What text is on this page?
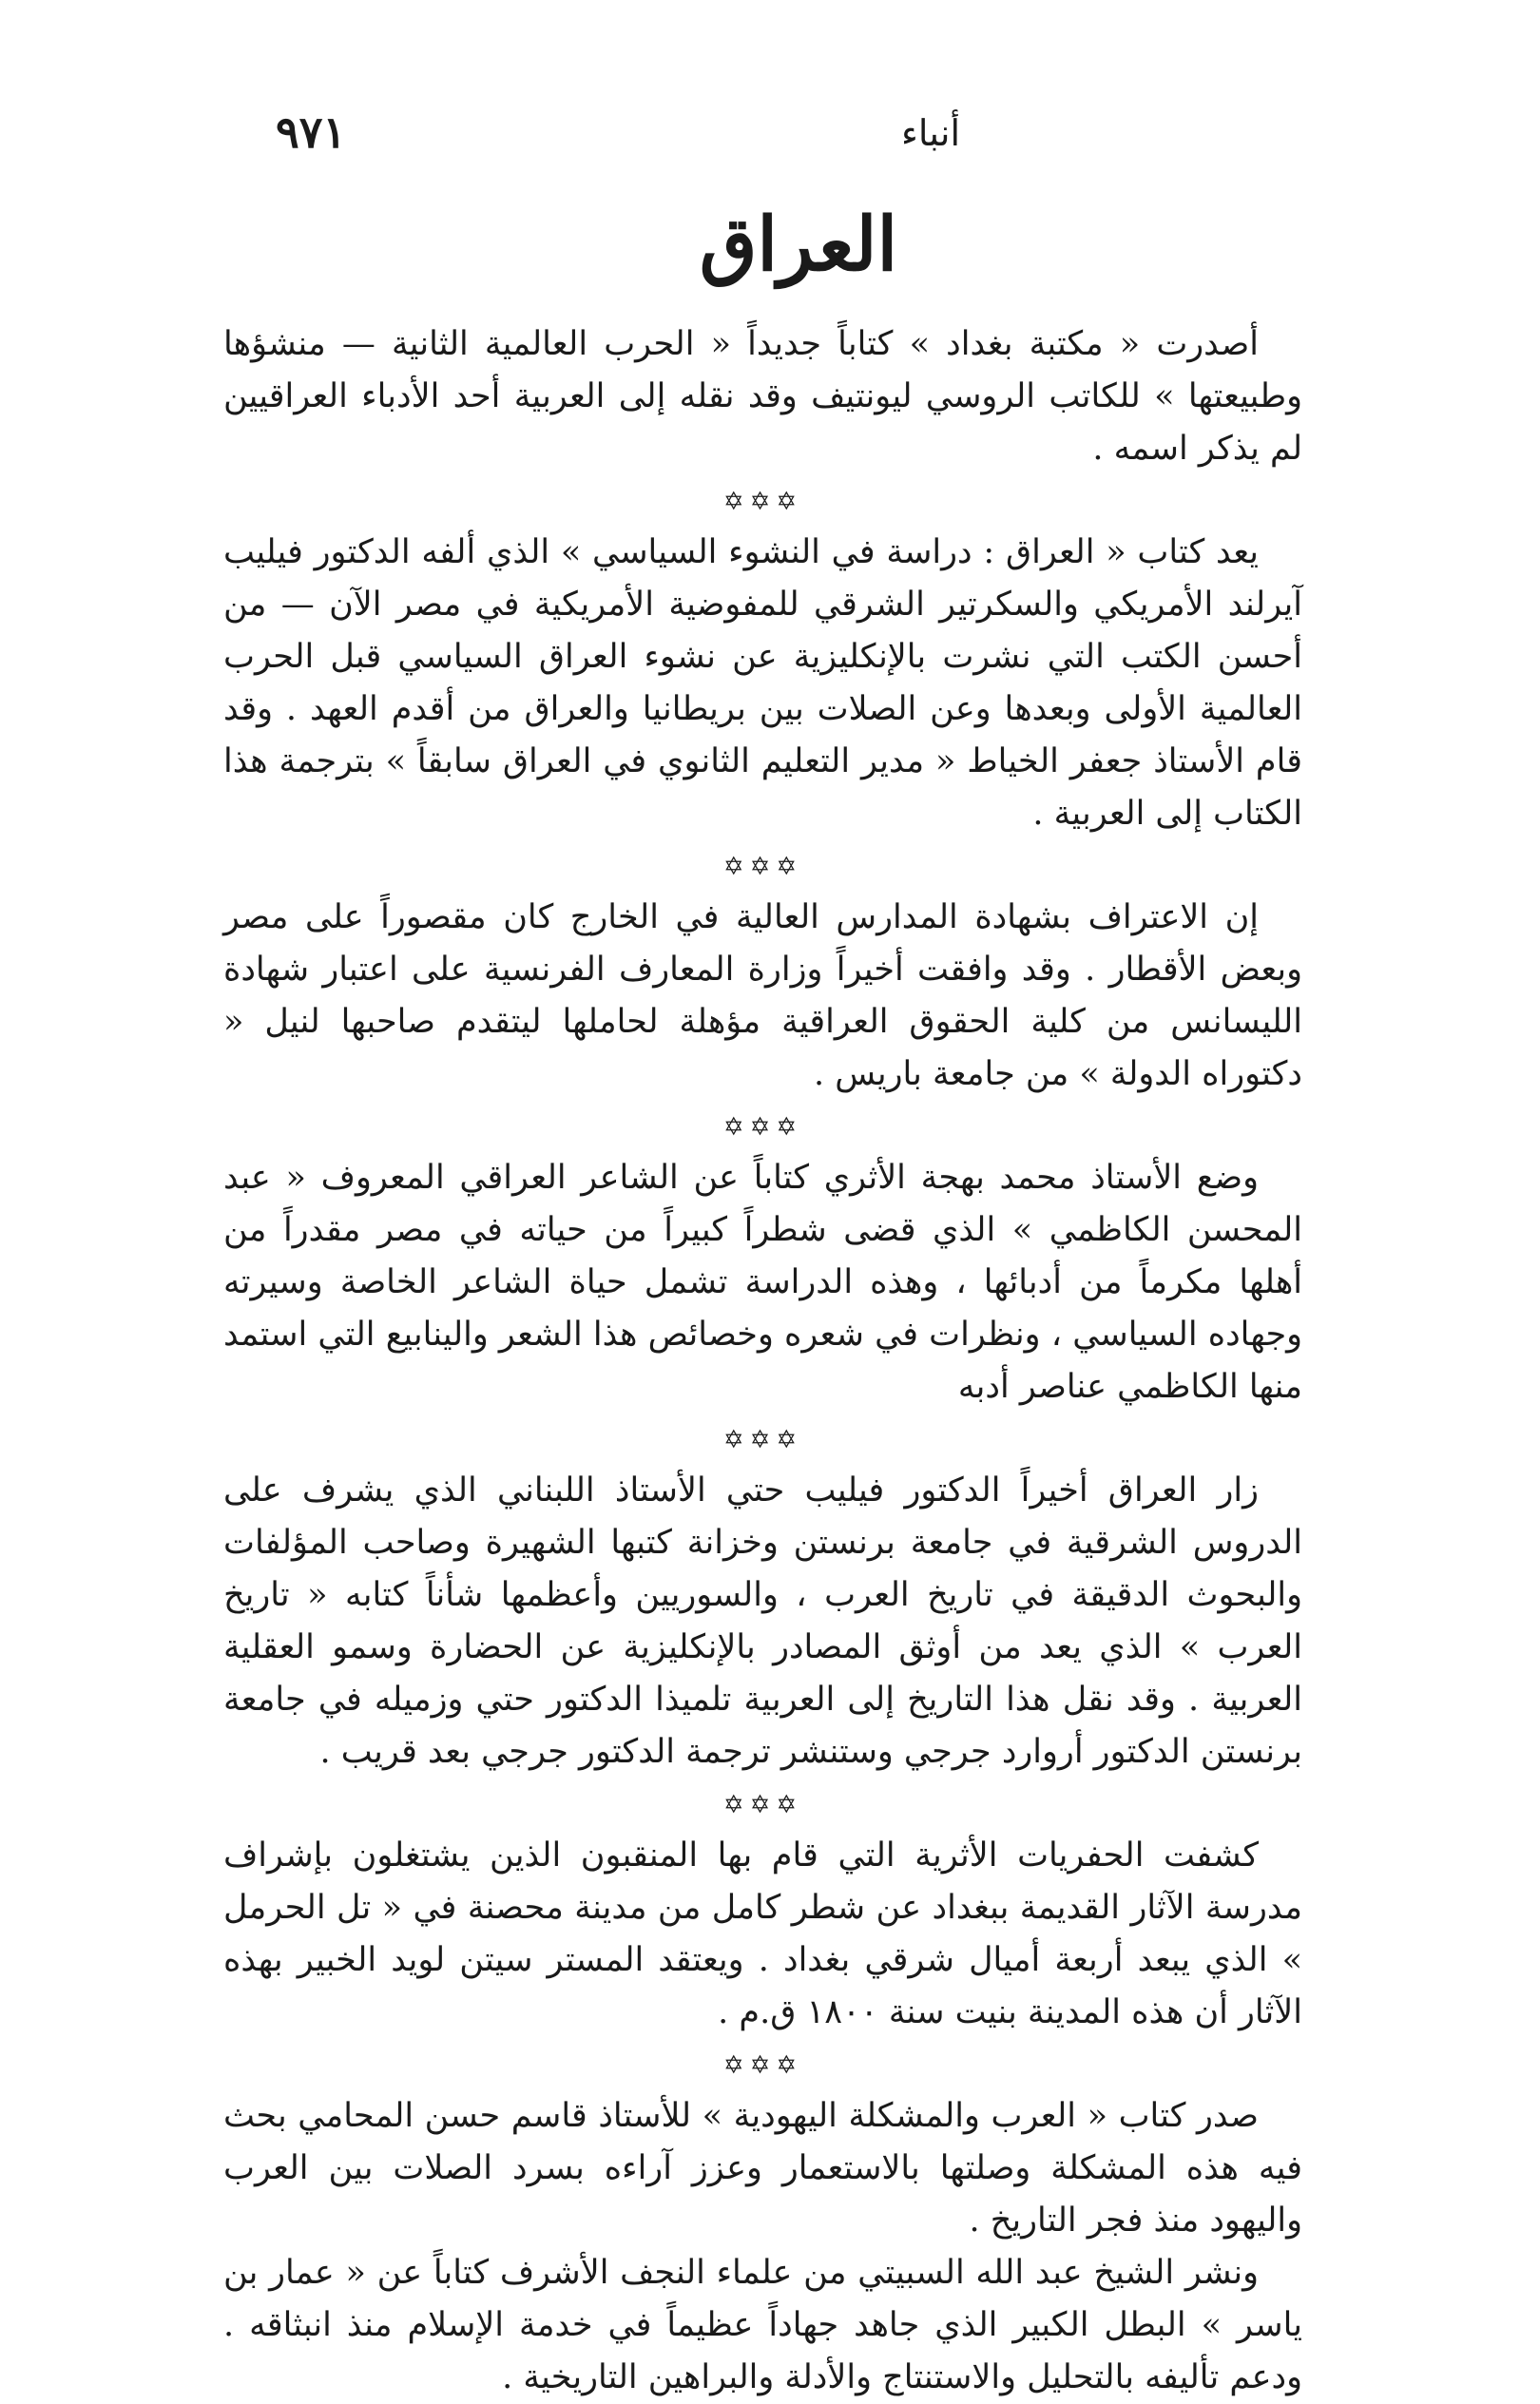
أنباء
٩٧١
العراق

أصدرت « مكتبة بغداد » كتاباً جديداً « الحرب العالمية الثانية — منشؤها وطبيعتها » للكاتب الروسي ليونتيف وقد نقله إلى العربية أحد الأدباء العراقيين لم يذكر اسمه .

✡✡✡

يعد كتاب « العراق : دراسة في النشوء السياسي » الذي ألفه الدكتور فيليب آيرلند الأمريكي والسكرتير الشرقي للمفوضية الأمريكية في مصر الآن — من أحسن الكتب التي نشرت بالإنكليزية عن نشوء العراق السياسي قبل الحرب العالمية الأولى وبعدها وعن الصلات بين بريطانيا والعراق من أقدم العهد . وقد قام الأستاذ جعفر الخياط « مدير التعليم الثانوي في العراق سابقاً » بترجمة هذا الكتاب إلى العربية .

✡✡✡

إن الاعتراف بشهادة المدارس العالية في الخارج كان مقصوراً على مصر وبعض الأقطار . وقد وافقت أخيراً وزارة المعارف الفرنسية على اعتبار شهادة الليسانس من كلية الحقوق العراقية مؤهلة لحاملها ليتقدم صاحبها لنيل « دكتوراه الدولة » من جامعة باريس .

✡✡✡

وضع الأستاذ محمد بهجة الأثري كتاباً عن الشاعر العراقي المعروف « عبد المحسن الكاظمي » الذي قضى شطراً كبيراً من حياته في مصر مقدراً من أهلها مكرماً من أدبائها ، وهذه الدراسة تشمل حياة الشاعر الخاصة وسيرته وجهاده السياسي ، ونظرات في شعره وخصائص هذا الشعر والينابيع التي استمد منها الكاظمي عناصر أدبه

✡✡✡

زار العراق أخيراً الدكتور فيليب حتي الأستاذ اللبناني الذي يشرف على الدروس الشرقية في جامعة برنستن وخزانة كتبها الشهيرة وصاحب المؤلفات والبحوث الدقيقة في تاريخ العرب ، والسوريين وأعظمها شأناً كتابه « تاريخ العرب » الذي يعد من أوثق المصادر بالإنكليزية عن الحضارة وسمو العقلية العربية . وقد نقل هذا التاريخ إلى العربية تلميذا الدكتور حتي وزميله في جامعة برنستن الدكتور أروارد جرجي وستنشر ترجمة الدكتور جرجي بعد قريب .

✡✡✡

كشفت الحفريات الأثرية التي قام بها المنقبون الذين يشتغلون بإشراف مدرسة الآثار القديمة ببغداد عن شطر كامل من مدينة محصنة في « تل الحرمل » الذي يبعد أربعة أميال شرقي بغداد . ويعتقد المستر سيتن لويد الخبير بهذه الآثار أن هذه المدينة بنيت سنة ١٨٠٠ ق.م .

✡✡✡

صدر كتاب « العرب والمشكلة اليهودية » للأستاذ قاسم حسن المحامي بحث فيه هذه المشكلة وصلتها بالاستعمار وعزز آراءه بسرد الصلات بين العرب واليهود منذ فجر التاريخ .

ونشر الشيخ عبد الله السبيتي من علماء النجف الأشرف كتاباً عن « عمار بن ياسر » البطل الكبير الذي جاهد جهاداً عظيماً في خدمة الإسلام منذ انبثاقه . ودعم تأليفه بالتحليل والاستنتاج والأدلة والبراهين التاريخية .
